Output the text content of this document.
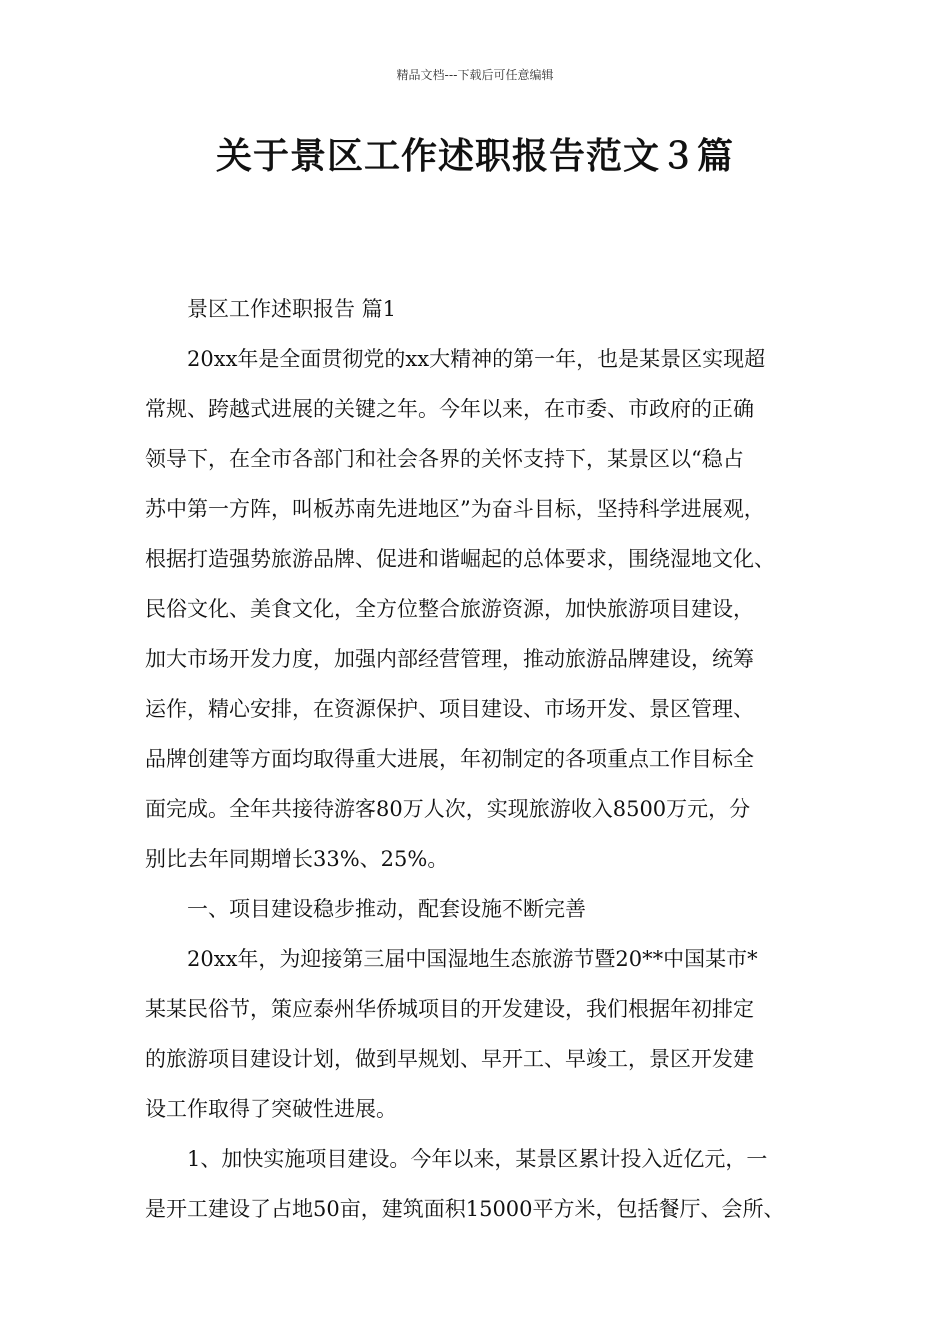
精品文档---下载后可任意编辑
关于景区工作述职报告范文３篇
景区工作述职报告 篇1
20xx年是全面贯彻党的xx大精神的第一年，也是某景区实现超
常规、跨越式进展的关键之年。今年以来，在市委、市政府的正确
领导下，在全市各部门和社会各界的关怀支持下，某景区以“稳占
苏中第一方阵，叫板苏南先进地区”为奋斗目标，坚持科学进展观，
根据打造强势旅游品牌、促进和谐崛起的总体要求，围绕湿地文化、
民俗文化、美食文化，全方位整合旅游资源，加快旅游项目建设，
加大市场开发力度，加强内部经营管理，推动旅游品牌建设，统筹
运作，精心安排，在资源保护、项目建设、市场开发、景区管理、
品牌创建等方面均取得重大进展，年初制定的各项重点工作目标全
面完成。全年共接待游客80万人次，实现旅游收入8500万元，分
别比去年同期增长33%、25%。
一、项目建设稳步推动，配套设施不断完善
20xx年，为迎接第三届中国湿地生态旅游节暨20**中国某市*
某某民俗节，策应泰州华侨城项目的开发建设，我们根据年初排定
的旅游项目建设计划，做到早规划、早开工、早竣工，景区开发建
设工作取得了突破性进展。
1、加快实施项目建设。今年以来，某景区累计投入近亿元，一
是开工建设了占地50亩，建筑面积15000平方米，包括餐厅、会所、
